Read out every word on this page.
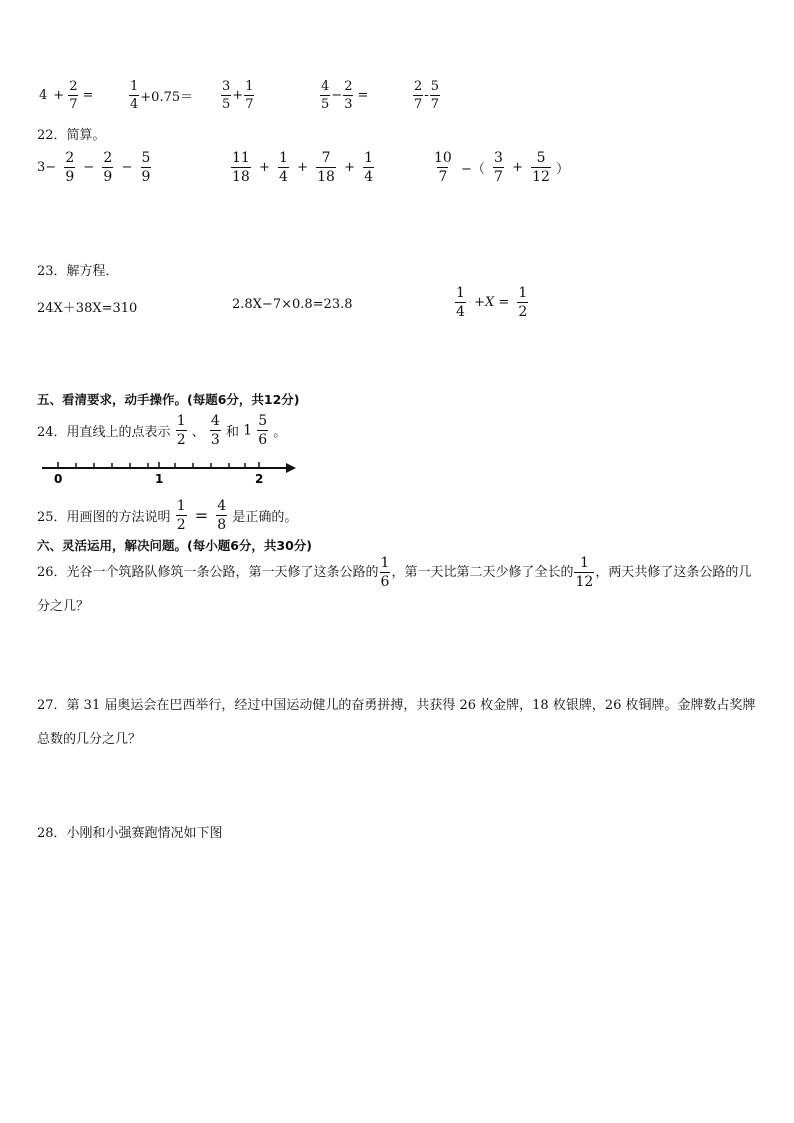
$4 + \frac{2}{7}$ =	$\frac{1}{4} +0.75= \frac{3}{5} + \frac{1}{7}$	$\frac{4}{5} - \frac{2}{3}$ =	$\frac{2}{7} - \frac{5}{7}$
22．简算。
$3- \frac{2}{9} - \frac{2}{9} - \frac{5}{9}$	$\frac{11}{18} + \frac{1}{4} + \frac{7}{18} + \frac{1}{4}$	$\frac{10}{7}$ −（ $\frac{3}{7} + \frac{5}{12}$ ）
23．解方程．
24X＋38X=310	2.8X−7×0.8=23.8	$\frac{1}{4} +X = \frac{1}{2}$
五、看清要求，动手操作。(每题6分，共12分)
24．用直线上的点表示 $\frac{1}{2}$ 、 $\frac{4}{3}$ 和 $1 \frac{5}{6}$ 。
0	1	2
25．用画图的方法说明 $\frac{1}{2} = \frac{4}{8}$ 是正确的。
六、灵活运用，解决问题。(每小题6分，共30分)
26．光谷一个筑路队修筑一条公路，第一天修了这条公路的 $\frac{1}{6}$ ，第一天比第二天少修了全长的 $\frac{1}{12}$ ，两天共修了这条公路的几分之几？
27．第 31 届奥运会在巴西举行，经过中国运动健儿的奋勇拼搏，共获得 26 枚金牌，18 枚银牌，26 枚铜牌。金牌数占奖牌总数的几分之几？
28．小刚和小强赛跑情况如下图
